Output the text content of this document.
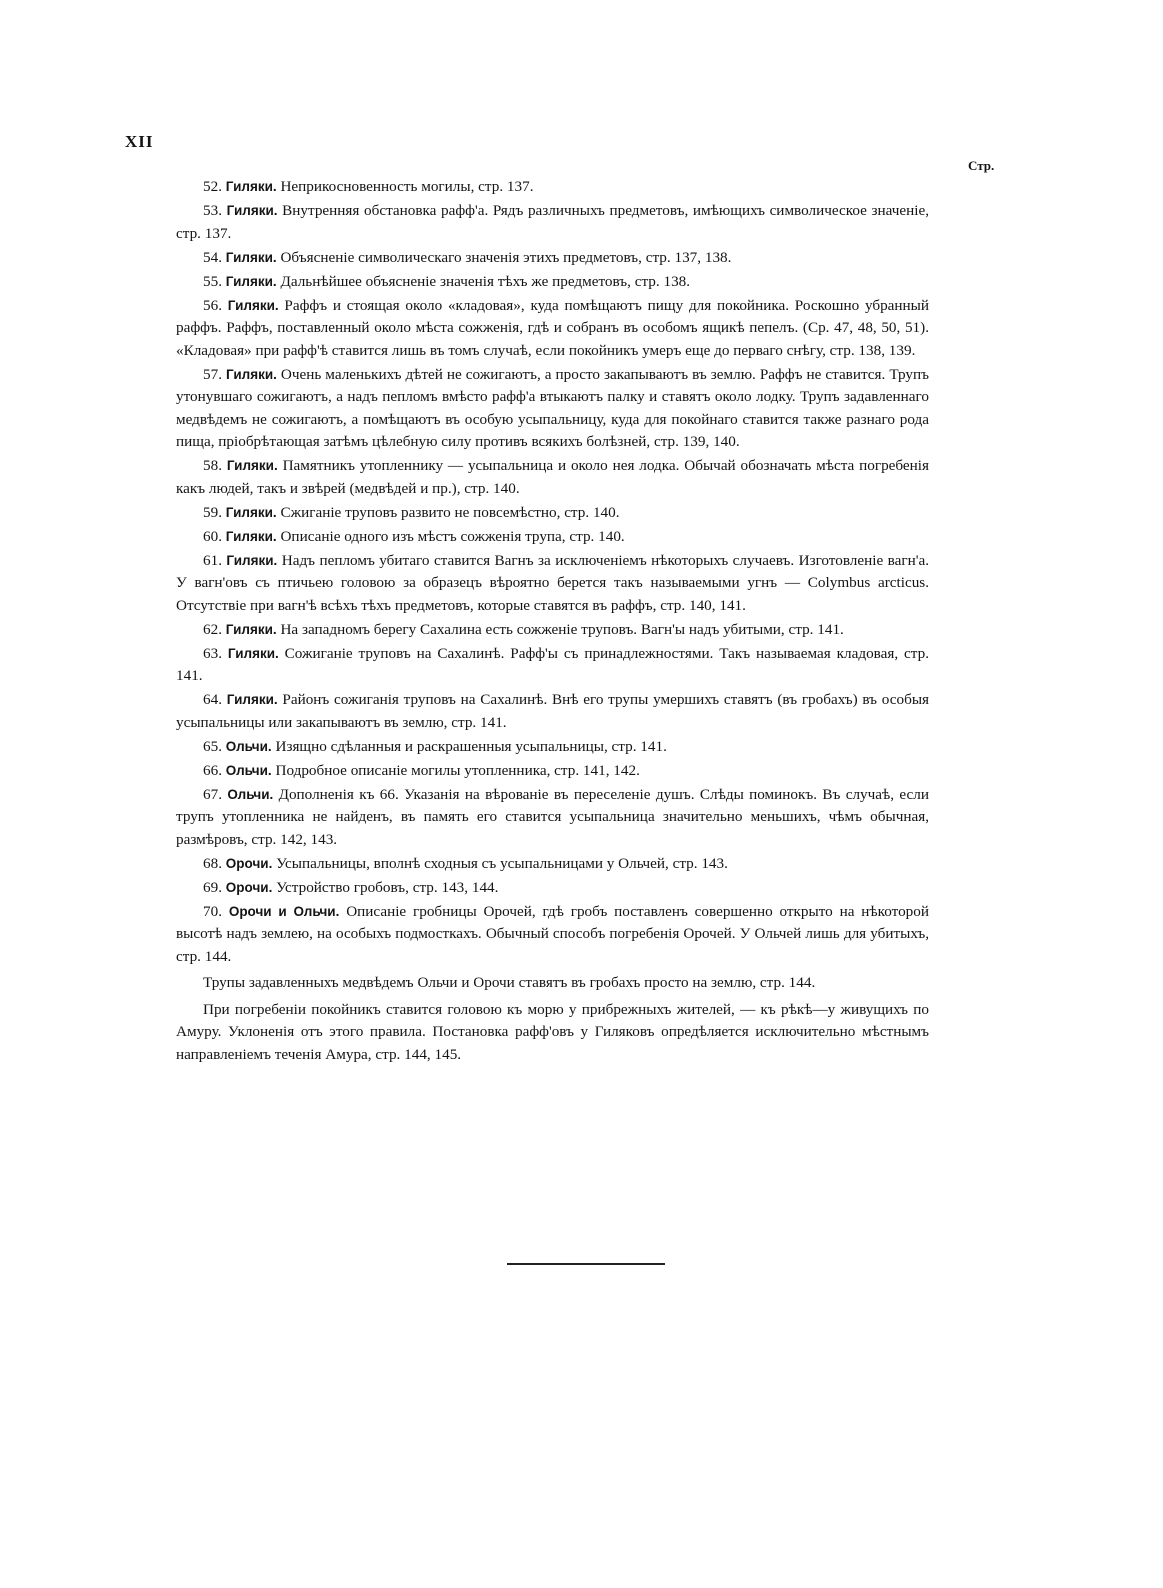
XII
Стр.

52. Гиляки. Неприкосновенность могилы, стр. 137.

53. Гиляки. Внутренняя обстановка рафф'а. Рядъ различныхъ предметовъ, имѣющихъ символическое значеніе, стр. 137.

54. Гиляки. Объясненіе символическаго значенія этихъ предметовъ, стр. 137, 138.

55. Гиляки. Дальнѣйшее объясненіе значенія тѣхъ же предметовъ, стр. 138.

56. Гиляки. Раффъ и стоящая около «кладовая», куда помѣщаютъ пищу для покойника. Роскошно убранный раффъ. Раффъ, поставленный около мѣста сожженія, гдѣ и собранъ въ особомъ ящикѣ пепелъ. (Ср. 47, 48, 50, 51). «Кладовая» при рафф'ѣ ставится лишь въ томъ случаѣ, если покойникъ умеръ еще до перваго снѣгу, стр. 138, 139.

57. Гиляки. Очень маленькихъ дѣтей не сожигаютъ, а просто закапываютъ въ землю. Раффъ не ставится. Трупъ утонувшаго сожигаютъ, а надъ пепломъ вмѣсто рафф'а втыкаютъ палку и ставятъ около лодку. Трупъ задавленнаго медвѣдемъ не сожигаютъ, а помѣщаютъ въ особую усыпальницу, куда для покойнаго ставится также разнаго рода пища, пріобрѣтающая затѣмъ цѣлебную силу противъ всякихъ болѣзней, стр. 139, 140.

58. Гиляки. Памятникъ утопленнику — усыпальница и около нея лодка. Обычай обозначать мѣста погребенія какъ людей, такъ и звѣрей (медвѣдей и пр.), стр. 140.

59. Гиляки. Сжиганіе труповъ развито не повсемѣстно, стр. 140.

60. Гиляки. Описаніе одного изъ мѣстъ сожженія трупа, стр. 140.

61. Гиляки. Надъ пепломъ убитаго ставится Вагнъ за исключеніемъ нѣкоторыхъ случаевъ. Изготовленіе вагн'а. У вагн'овъ съ птичьею головою за образецъ вѣроятно берется такъ называемыми угнъ — Colymbus arcticus. Отсутствіе при вагн'ѣ всѣхъ тѣхъ предметовъ, которые ставятся въ раффъ, стр. 140, 141.

62. Гиляки. На западномъ берегу Сахалина есть сожженіе труповъ. Вагн'ы надъ убитыми, стр. 141.

63. Гиляки. Сожиганіе труповъ на Сахалинѣ. Рафф'ы съ принадлежностями. Такъ называемая кладовая, стр. 141.

64. Гиляки. Районъ сожиганія труповъ на Сахалинѣ. Внѣ его трупы умершихъ ставятъ (въ гробахъ) въ особыя усыпальницы или закапываютъ въ землю, стр. 141.

65. Ольчи. Изящно сдѣланныя и раскрашенныя усыпальницы, стр. 141.

66. Ольчи. Подробное описаніе могилы утопленника, стр. 141, 142.

67. Ольчи. Дополненія къ 66. Указанія на вѣрованіе въ переселеніе душъ. Слѣды поминокъ. Въ случаѣ, если трупъ утопленника не найденъ, въ память его ставится усыпальница значительно меньшихъ, чѣмъ обычная, размѣровъ, стр. 142, 143.

68. Орочи. Усыпальницы, вполнѣ сходныя съ усыпальницами у Ольчей, стр. 143.

69. Орочи. Устройство гробовъ, стр. 143, 144.

70. Орочи и Ольчи. Описаніе гробницы Орочей, гдѣ гробъ поставленъ совершенно открыто на нѣкоторой высотѣ надъ землею, на особыхъ подмосткахъ. Обычный способъ погребенія Орочей. У Ольчей лишь для убитыхъ, стр. 144.

Трупы задавленныхъ медвѣдемъ Ольчи и Орочи ставятъ въ гробахъ просто на землю, стр. 144.

При погребеніи покойникъ ставится головою къ морю у прибрежныхъ жителей, — къ рѣкѣ—у живущихъ по Амуру. Уклоненія отъ этого правила. Постановка рафф'овъ у Гиляковъ опредѣляется исключительно мѣстнымъ направленіемъ теченія Амура, стр. 144, 145.
